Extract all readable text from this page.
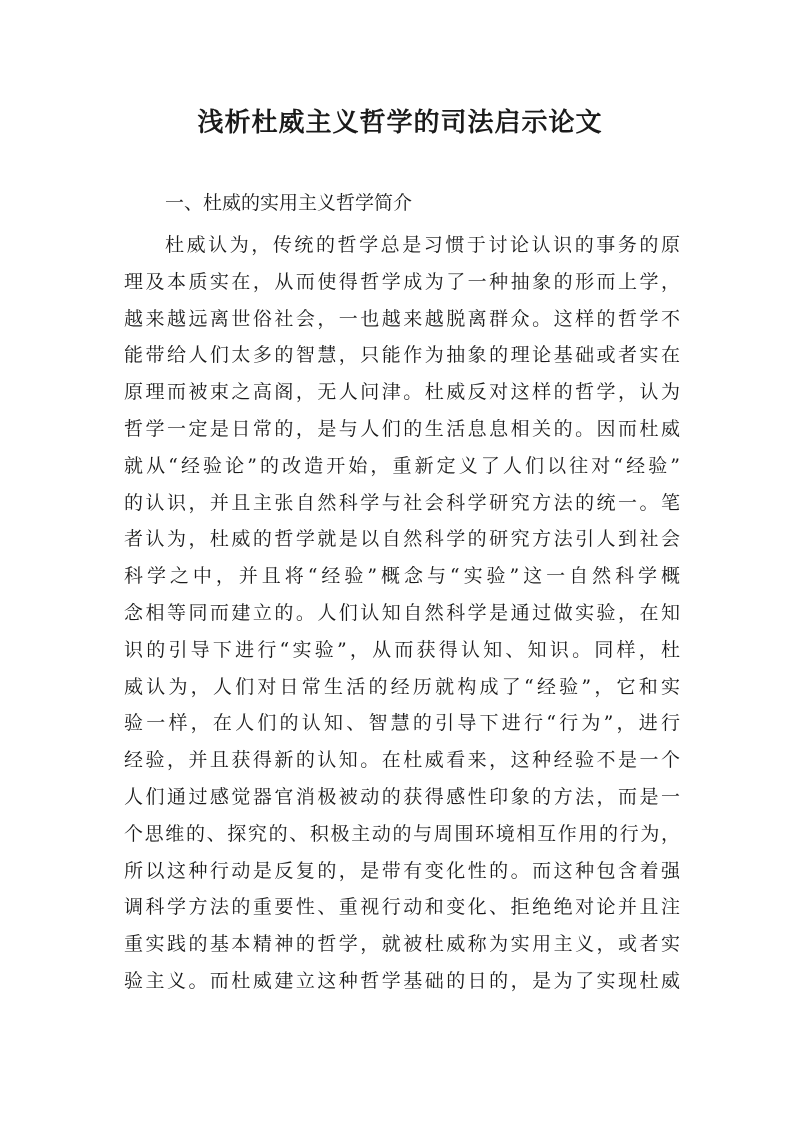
浅析杜威主义哲学的司法启示论文

一、杜威的实用主义哲学简介

杜威认为，传统的哲学总是习惯于讨论认识的事务的原
理及本质实在，从而使得哲学成为了一种抽象的形而上学，
越来越远离世俗社会，一也越来越脱离群众。这样的哲学不
能带给人们太多的智慧，只能作为抽象的理论基础或者实在
原理而被束之高阁，无人问津。杜威反对这样的哲学，认为
哲学一定是日常的，是与人们的生活息息相关的。因而杜威
就从“经验论”的改造开始，重新定义了人们以往对“经验”
的认识，并且主张自然科学与社会科学研究方法的统一。笔
者认为，杜威的哲学就是以自然科学的研究方法引人到社会
科学之中，并且将“经验”概念与“实验”这一自然科学概
念相等同而建立的。人们认知自然科学是通过做实验，在知
识的引导下进行“实验”，从而获得认知、知识。同样，杜
威认为，人们对日常生活的经历就构成了“经验”，它和实
验一样，在人们的认知、智慧的引导下进行“行为”，进行
经验，并且获得新的认知。在杜威看来，这种经验不是一个
人们通过感觉器官消极被动的获得感性印象的方法，而是一
个思维的、探究的、积极主动的与周围环境相互作用的行为，
所以这种行动是反复的，是带有变化性的。而这种包含着强
调科学方法的重要性、重视行动和变化、拒绝绝对论并且注
重实践的基本精神的哲学，就被杜威称为实用主义，或者实
验主义。而杜威建立这种哲学基础的日的，是为了实现杜威
